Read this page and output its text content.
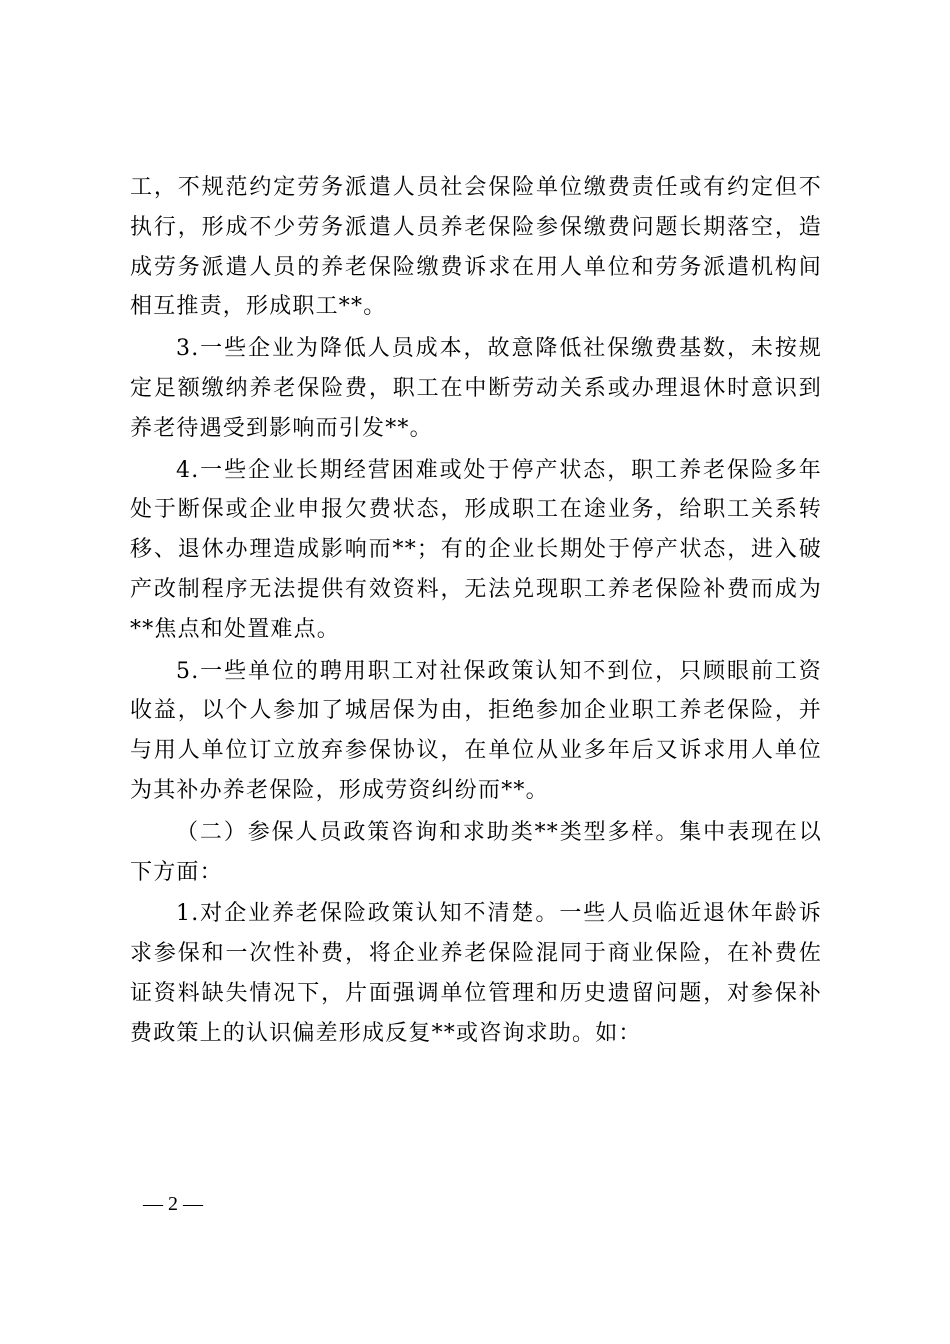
工，不规范约定劳务派遣人员社会保险单位缴费责任或有约定但不执行，形成不少劳务派遣人员养老保险参保缴费问题长期落空，造成劳务派遣人员的养老保险缴费诉求在用人单位和劳务派遣机构间相互推责，形成职工**。

3.一些企业为降低人员成本，故意降低社保缴费基数，未按规定足额缴纳养老保险费，职工在中断劳动关系或办理退休时意识到养老待遇受到影响而引发**。

4.一些企业长期经营困难或处于停产状态，职工养老保险多年处于断保或企业申报欠费状态，形成职工在途业务，给职工关系转移、退休办理造成影响而**；有的企业长期处于停产状态，进入破产改制程序无法提供有效资料，无法兑现职工养老保险补费而成为**焦点和处置难点。

5.一些单位的聘用职工对社保政策认知不到位，只顾眼前工资收益，以个人参加了城居保为由，拒绝参加企业职工养老保险，并与用人单位订立放弃参保协议，在单位从业多年后又诉求用人单位为其补办养老保险，形成劳资纠纷而**。

（二）参保人员政策咨询和求助类**类型多样。集中表现在以下方面：

1.对企业养老保险政策认知不清楚。一些人员临近退休年龄诉求参保和一次性补费，将企业养老保险混同于商业保险，在补费佐证资料缺失情况下，片面强调单位管理和历史遗留问题，对参保补费政策上的认识偏差形成反复**或咨询求助。如：

— 2 —
